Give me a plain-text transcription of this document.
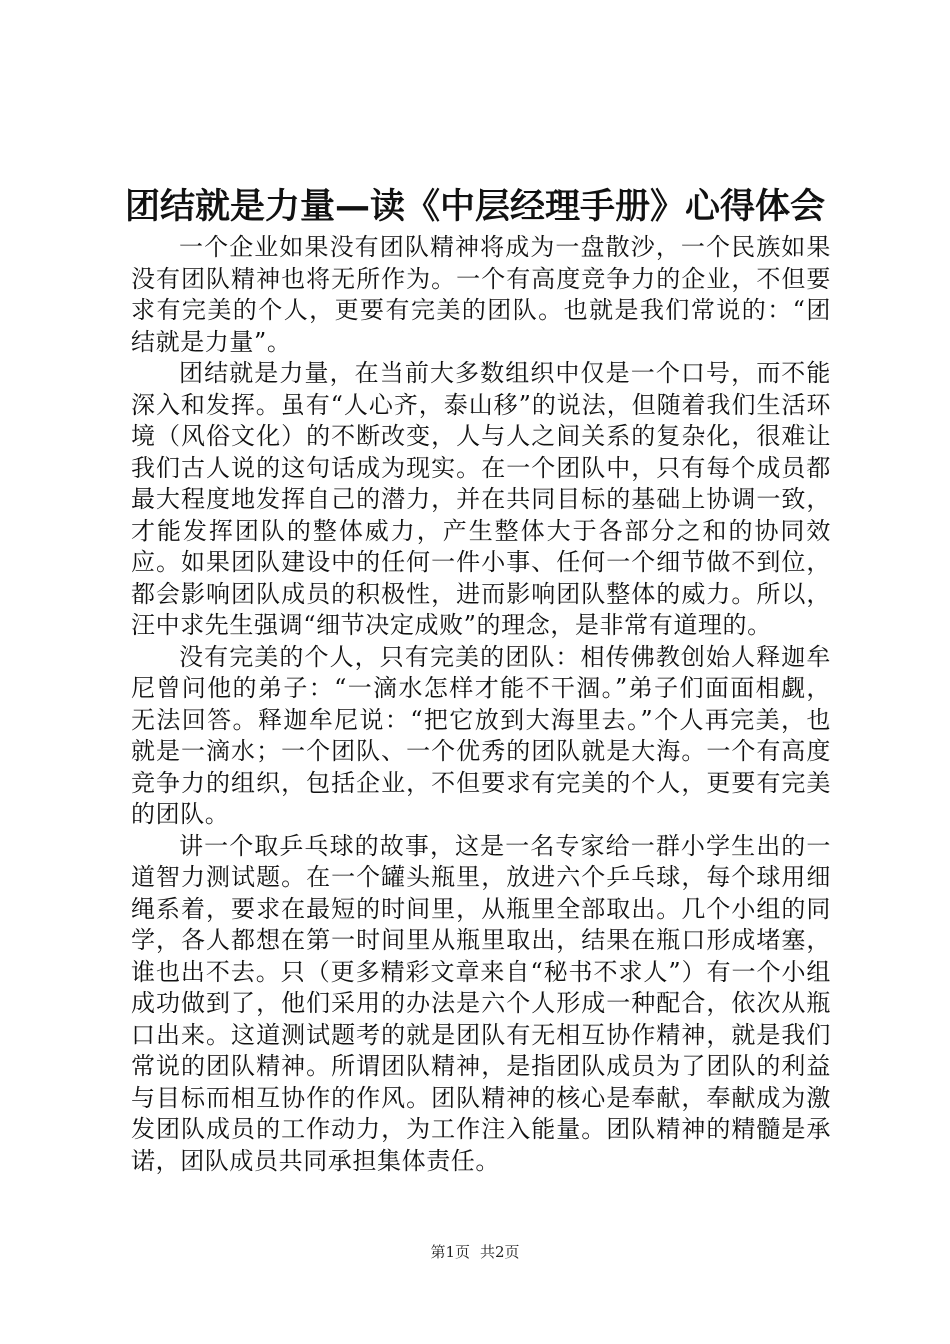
团结就是力量—读《中层经理手册》心得体会

一个企业如果没有团队精神将成为一盘散沙，一个民族如果没有团队精神也将无所作为。一个有高度竞争力的企业，不但要求有完美的个人，更要有完美的团队。也就是我们常说的：“团结就是力量”。

团结就是力量，在当前大多数组织中仅是一个口号，而不能深入和发挥。虽有“人心齐，泰山移”的说法，但随着我们生活环境（风俗文化）的不断改变，人与人之间关系的复杂化，很难让我们古人说的这句话成为现实。在一个团队中，只有每个成员都最大程度地发挥自己的潜力，并在共同目标的基础上协调一致，才能发挥团队的整体威力，产生整体大于各部分之和的协同效应。如果团队建设中的任何一件小事、任何一个细节做不到位，都会影响团队成员的积极性，进而影响团队整体的威力。所以，汪中求先生强调“细节决定成败”的理念，是非常有道理的。

没有完美的个人，只有完美的团队：相传佛教创始人释迦牟尼曾问他的弟子：“一滴水怎样才能不干涸。”弟子们面面相觑，无法回答。释迦牟尼说：“把它放到大海里去。”个人再完美，也就是一滴水；一个团队、一个优秀的团队就是大海。一个有高度竞争力的组织，包括企业，不但要求有完美的个人，更要有完美的团队。

讲一个取乒乓球的故事，这是一名专家给一群小学生出的一道智力测试题。在一个罐头瓶里，放进六个乒乓球，每个球用细绳系着，要求在最短的时间里，从瓶里全部取出。几个小组的同学，各人都想在第一时间里从瓶里取出，结果在瓶口形成堵塞，谁也出不去。只（更多精彩文章来自“秘书不求人”）有一个小组成功做到了，他们采用的办法是六个人形成一种配合，依次从瓶口出来。这道测试题考的就是团队有无相互协作精神，就是我们常说的团队精神。所谓团队精神，是指团队成员为了团队的利益与目标而相互协作的作风。团队精神的核心是奉献，奉献成为激发团队成员的工作动力，为工作注入能量。团队精神的精髓是承诺，团队成员共同承担集体责任。

第1页 共2页
